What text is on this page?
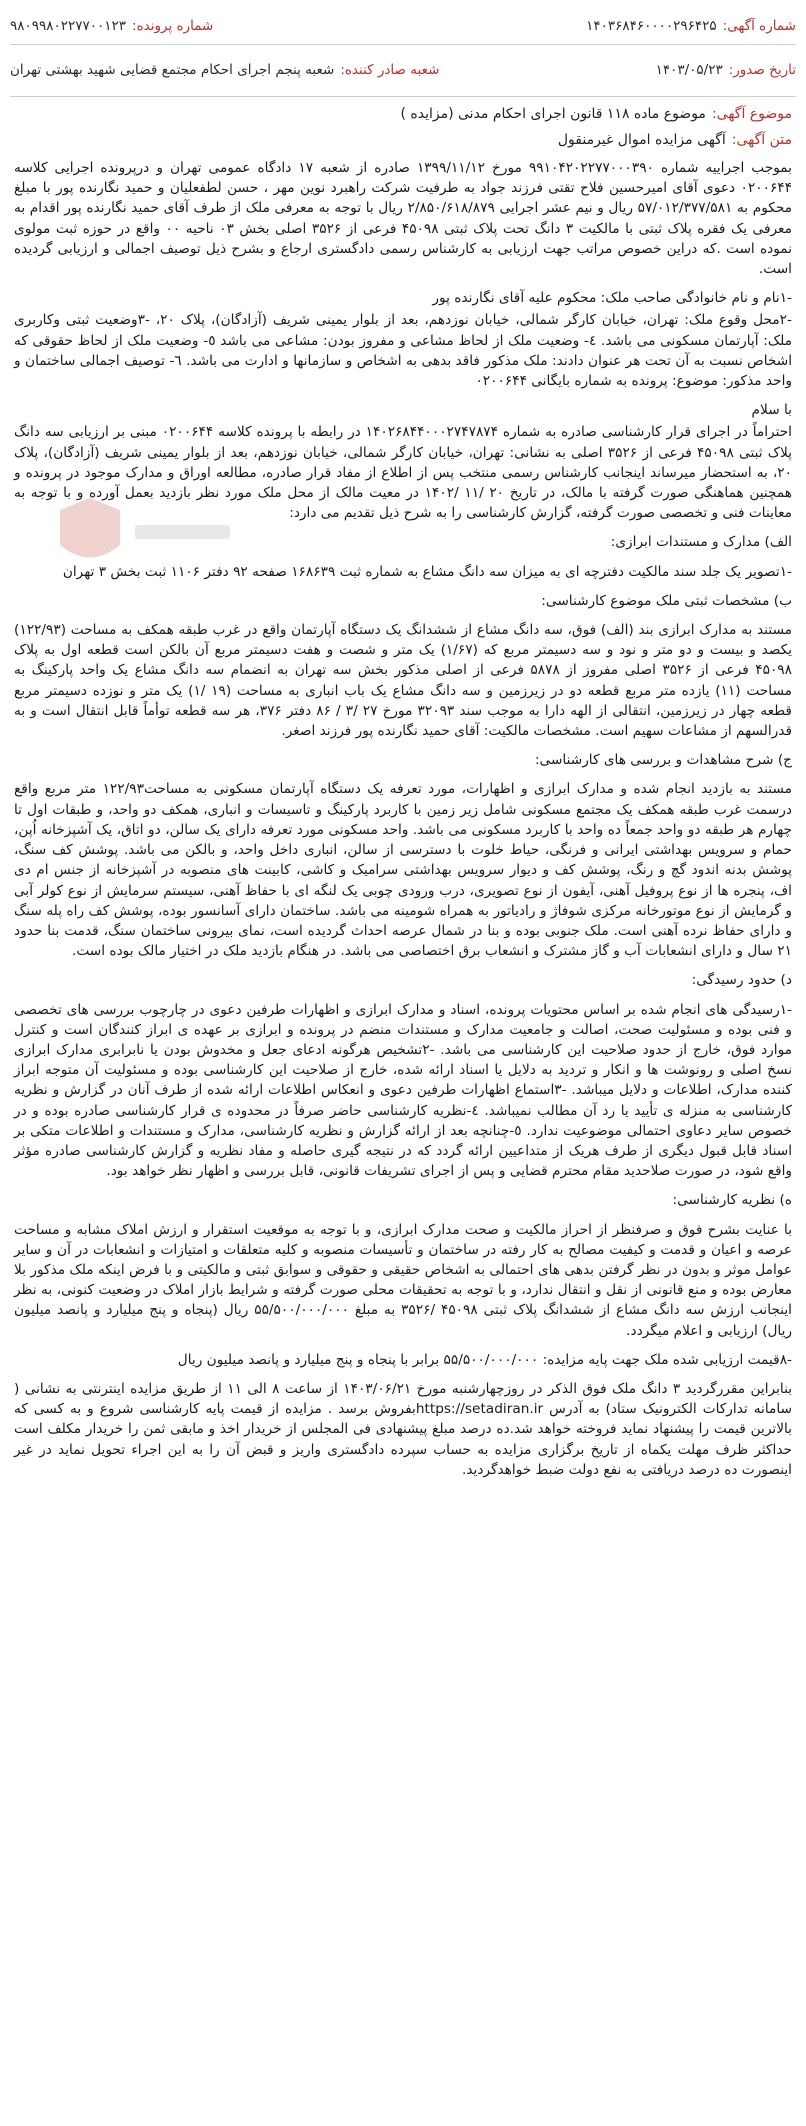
شماره آگهی:
۱۴۰۳۶۸۴۶۰۰۰۰۲۹۶۴۲۵
شماره پرونده:
۹۸۰۹۹۸۰۲۲۷۷۰۰۱۲۳
تاریخ صدور:
۱۴۰۳/۰۵/۲۳
شعبه صادر کننده:
شعبه پنجم اجرای احکام مجتمع قضایی شهید بهشتی تهران
موضوع آگهی:
موضوع ماده ۱۱۸ قانون اجرای احکام مدنی (مزایده )
متن آگهی:
آگهی مزایده اموال غیرمنقول

بموجب اجراییه شماره ۹۹۱۰۴۲۰۲۲۷۷۰۰۰۳۹۰ مورخ ۱۳۹۹/۱۱/۱۲ صادره از شعبه ۱۷ دادگاه عمومی تهران و درپرونده اجرایی کلاسه ۰۲۰۰۶۴۴ دعوی آقای امیرحسین فلاح تقتی فرزند جواد به طرفیت شرکت راهبرد نوین مهر ، حسن لطفعلیان و حمید نگارنده پور با مبلغ محکوم به ۵۷/۰۱۲/۳۷۷/۵۸۱ ریال و نیم عشر اجرایی ۲/۸۵۰/۶۱۸/۸۷۹ ریال با توجه به معرفی ملک از طرف آقای حمید نگارنده پور اقدام به معرفی یک فقره پلاک ثبتی با مالکیت ۳ دانگ تحت پلاک ثبتی ۴۵۰۹۸ فرعی از ۳۵۲۶ اصلی بخش ۰۳ ناحیه ۰۰ واقع در حوزه ثبت مولوی نموده است .که دراین خصوص مراتب جهت ارزیابی به کارشناس رسمی دادگستری ارجاع و بشرح ذیل توصیف اجمالی و ارزیابی گردیده است.

-۱نام و نام خانوادگی صاحب ملک: محکوم علیه آقای نگارنده پور

-۲محل وقوع ملک: تهران، خیابان کارگر شمالی، خیابان نوزدهم، بعد از بلوار یمینی شریف (آزادگان)، پلاک ۲۰، -۳وضعیت ثبتی وکاربری ملک: آپارتمان مسکونی می باشد. ٤- وضعیت ملک از لحاظ مشاعی و مفروز بودن: مشاعی می باشد ٥- وضعیت ملک از لحاظ حقوقی که اشخاص نسبت به آن تحت هر عنوان دادند: ملک مذکور فاقد بدهی به اشخاص و سازمانها و ادارت می باشد. ٦- توصیف اجمالی ساختمان و واحد مذکور: موضوع: پرونده به شماره بایگانی ۰۲۰۰۶۴۴

با سلام

احتراماً در اجرای قرار کارشناسی صادره به شماره ۱۴۰۲۶۸۴۴۰۰۰۲۷۴۷۸۷۴ در رابطه با پرونده کلاسه ۰۲۰۰۶۴۴ مبنی بر ارزیابی سه دانگ پلاک ثبتی ۴۵۰۹۸ فرعی از ۳۵۲۶ اصلی به نشانی: تهران، خیابان کارگر شمالی، خیابان نوزدهم، بعد از بلوار یمینی شریف (آزادگان)، پلاک ۲۰، به استحضار میرساند اینجانب کارشناس رسمی منتخب پس از اطلاع از مفاد قرار صادره، مطالعه اوراق و مدارک موجود در پرونده و همچنین هماهنگی صورت گرفته با مالک، در تاریخ ۲۰ /۱۱ /۱۴۰۲ در معیت مالک از محل ملک مورد نظر بازدید بعمل آورده و با توجه به معاینات فنی و تخصصی صورت گرفته، گزارش کارشناسی را به شرح ذیل تقدیم می دارد:

الف) مدارک و مستندات ابرازی:

-۱تصویر یک جلد سند مالکیت دفترچه ای به میزان سه دانگ مشاع به شماره ثبت ۱۶۸۶۳۹ صفحه ۹۲ دفتر ۱۱۰۶ ثبت بخش ۳ تهران

ب) مشخصات ثبتی ملک موضوع کارشناسی:

مستند به مدارک ابرازی بند (الف) فوق، سه دانگ مشاع از ششدانگ یک دستگاه آپارتمان واقع در غرب طبقه همکف به مساحت (۱۲۲/۹۳) یکصد و بیست و دو متر و نود و سه دسیمتر مربع که (۱/۶۷) یک متر و شصت و هفت دسیمتر مربع آن بالکن است قطعه اول به پلاک ۴۵۰۹۸ فرعی از ۳۵۲۶ اصلی مفروز از ۵۸۷۸ فرعی از اصلی مذکور بخش سه تهران به انضمام سه دانگ مشاع یک واحد پارکینگ به مساحت (۱۱) یازده متر مربع قطعه دو در زیرزمین و سه دانگ مشاع یک باب انباری به مساحت (۱۹ /۱) یک متر و نوزده دسیمتر مربع قطعه چهار در زیرزمین، انتقالی از الهه دارا به موجب سند ۳۲۰۹۳ مورخ ۲۷ /۳ / ۸۶ دفتر ۳۷۶، هر سه قطعه توأماً قابل انتقال است و به قدرالسهم از مشاعات سهیم است. مشخصات مالکیت: آقای حمید نگارنده پور فرزند اصغر.

ج) شرح مشاهدات و بررسی های کارشناسی:

مستند به بازدید انجام شده و مدارک ابرازی و اظهارات، مورد تعرفه یک دستگاه آپارتمان مسکونی به مساحت۱۲۲/۹۳ متر مربع واقع درسمت غرب طبقه همکف یک مجتمع مسکونی شامل زیر زمین با کاربرد پارکینگ و تاسیسات و انباری، همکف دو واحد، و طبقات اول تا چهارم هر طبقه دو واحد جمعاً ده واحد با کاربرد مسکونی می باشد. واحد مسکونی مورد تعرفه دارای یک سالن، دو اتاق، یک آشپزخانه اُپن، حمام و سرویس بهداشتی ایرانی و فرنگی، حیاط خلوت با دسترسی از سالن، انباری داخل واحد، و بالکن می باشد. پوشش کف سنگ، پوشش بدنه اندود گچ و رنگ، پوشش کف و دیوار سرویس بهداشتی سرامیک و کاشی، کابینت های منصوبه در آشپزخانه از جنس ام دی اف، پنجره ها از نوع پروفیل آهنی، آیفون از نوع تصویری، درب ورودی چوبی یک لنگه ای با حفاظ آهنی، سیستم سرمایش از نوع کولر آبی و گرمایش از نوع موتورخانه مرکزی شوفاژ و رادیاتور به همراه شومینه می باشد. ساختمان دارای آسانسور بوده، پوشش کف راه پله سنگ و دارای حفاظ نرده آهنی است. ملک جنوبی بوده و بنا در شمال عرصه احداث گردیده است، نمای بیرونی ساختمان سنگ، قدمت بنا حدود ۲۱ سال و دارای انشعابات آب و گاز مشترک و انشعاب برق اختصاصی می باشد. در هنگام بازدید ملک در اختیار مالک بوده است.

د) حدود رسیدگی:

-۱رسیدگی های انجام شده بر اساس محتویات پرونده، اسناد و مدارک ابرازی و اظهارات طرفین دعوی در چارچوب بررسی های تخصصی و فنی بوده و مسئولیت صحت، اصالت و جامعیت مدارک و مستندات منضم در پرونده و ابرازی بر عهده ی ابراز کنندگان است و کنترل موارد فوق، خارج از حدود صلاحیت این کارشناسی می باشد. -۲تشخیص هرگونه ادعای جعل و مخدوش بودن یا نابرابری مدارک ابرازی نسخ اصلی و رونوشت ها و انکار و تردید به دلایل یا اسناد ارائه شده، خارج از صلاحیت این کارشناسی بوده و مسئولیت آن متوجه ابراز کننده مدارک، اطلاعات و دلایل میباشد. -۳استماع اظهارات طرفین دعوی و انعکاس اطلاعات ارائه شده از طرف آنان در گزارش و نظریه کارشناسی به منزله ی تأیید یا رد آن مطالب نمیباشد. ٤-نظریه کارشناسی حاضر صرفاً در محدوده ی قرار کارشناسی صادره بوده و در خصوص سایر دعاوی احتمالی موضوعیت ندارد. ٥-چنانچه بعد از ارائه گزارش و نظریه کارشناسی، مدارک و مستندات و اطلاعات متکی بر اسناد قابل قبول دیگری از طرف هریک از متداعیین ارائه گردد که در نتیجه گیری حاصله و مفاد نظریه و گزارش کارشناسی صادره مؤثر واقع شود، در صورت صلاحدید مقام محترم قضایی و پس از اجرای تشریفات قانونی، قابل بررسی و اظهار نظر خواهد بود.

ه) نظریه کارشناسی:

با عنایت بشرح فوق و صرفنظر از احراز مالکیت و صحت مدارک ابرازی، و با توجه به موقعیت استقرار و ارزش املاک مشابه و مساحت عرصه و اعیان و قدمت و کیفیت مصالح به کار رفته در ساختمان و تأسیسات منصوبه و کلیه متعلقات و امتیازات و انشعابات در آن و سایر عوامل موثر و بدون در نظر گرفتن بدهی های احتمالی به اشخاص حقیقی و حقوقی و سوابق ثبتی و مالکیتی و با فرض اینکه ملک مذکور بلا معارض بوده و منع قانونی از نقل و انتقال ندارد، و با توجه به تحقیقات محلی صورت گرفته و شرایط بازار املاک در وضعیت کنونی، به نظر اینجانب ارزش سه دانگ مشاع از ششدانگ پلاک ثبتی ۴۵۰۹۸ /۳۵۲۶ به مبلغ ۵۵/۵۰۰/۰۰۰/۰۰۰ ریال (پنجاه و پنج میلیارد و پانصد میلیون ریال) ارزیابی و اعلام میگردد.

-۸قیمت ارزیابی شده ملک جهت پایه مزایده: ۵۵/۵۰۰/۰۰۰/۰۰۰ برابر با پنجاه و پنج میلیارد و پانصد میلیون ریال

بنابراین مقررگردید ۳ دانگ ملک فوق الذکر در روزچهارشنبه مورخ ۱۴۰۳/۰۶/۲۱ از ساعت ۸ الی ۱۱ از طریق مزایده اینترنتی به نشانی ( سامانه تدارکات الکترونیک ستاد) به آدرس https://setadiran.irبفروش برسد . مزایده از قیمت پایه کارشناسی شروع و به کسی که بالاترین قیمت را پیشنهاد نماید فروخته خواهد شد.ده درصد مبلغ پیشنهادی فی المجلس از خریدار اخذ و مابقی ثمن را خریدار مکلف است حداکثر ظرف مهلت یکماه از تاریخ برگزاری مزایده به حساب سپرده دادگستری واریز و قبض آن را به این اجراء تحویل نماید در غیر اینصورت ده درصد دریافتی به نفع دولت ضبط خواهدگردید.
